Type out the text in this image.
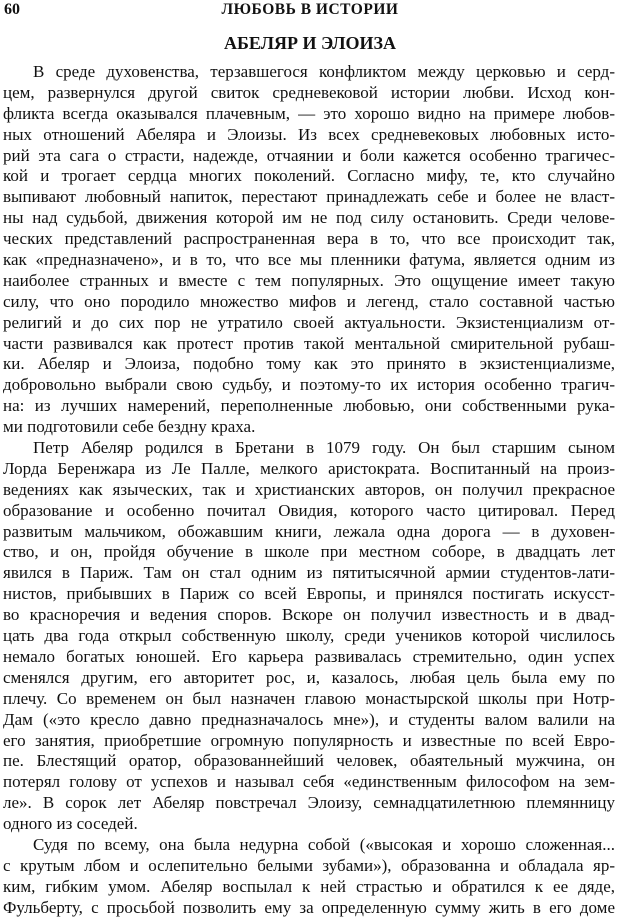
60	ЛЮБОВЬ В ИСТОРИИ
АБЕЛЯР И ЭЛОИЗА
В среде духовенства, терзавшегося конфликтом между церковью и серд-
цем, развернулся другой свиток средневековой истории любви. Исход кон-
фликта всегда оказывался плачевным, — это хорошо видно на примере любов-
ных отношений Абеляра и Элоизы. Из всех средневековых любовных исто-
рий эта сага о страсти, надежде, отчаянии и боли кажется особенно трагичес-
кой и трогает сердца многих поколений. Согласно мифу, те, кто случайно
выпивают любовный напиток, перестают принадлежать себе и более не власт-
ны над судьбой, движения которой им не под силу остановить. Среди челове-
ческих представлений распространенная вера в то, что все происходит так,
как «предназначено», и в то, что все мы пленники фатума, является одним из
наиболее странных и вместе с тем популярных. Это ощущение имеет такую
силу, что оно породило множество мифов и легенд, стало составной частью
религий и до сих пор не утратило своей актуальности. Экзистенциализм от-
части развивался как протест против такой ментальной смирительной рубаш-
ки. Абеляр и Элоиза, подобно тому как это принято в экзистенциализме,
добровольно выбрали свою судьбу, и поэтому-то их история особенно трагич-
на: из лучших намерений, переполненные любовью, они собственными рука-
ми подготовили себе бездну краха.
Петр Абеляр родился в Бретани в 1079 году. Он был старшим сыном
Лорда Беренжара из Ле Палле, мелкого аристократа. Воспитанный на произ-
ведениях как языческих, так и христианских авторов, он получил прекрасное
образование и особенно почитал Овидия, которого часто цитировал. Перед
развитым мальчиком, обожавшим книги, лежала одна дорога — в духовен-
ство, и он, пройдя обучение в школе при местном соборе, в двадцать лет
явился в Париж. Там он стал одним из пятитысячной армии студентов-лати-
нистов, прибывших в Париж со всей Европы, и принялся постигать искусст-
во красноречия и ведения споров. Вскоре он получил известность и в двад-
цать два года открыл собственную школу, среди учеников которой числилось
немало богатых юношей. Его карьера развивалась стремительно, один успех
сменялся другим, его авторитет рос, и, казалось, любая цель была ему по
плечу. Со временем он был назначен главою монастырской школы при Нотр-
Дам («это кресло давно предназначалось мне»), и студенты валом валили на
его занятия, приобретшие огромную популярность и известные по всей Евро-
пе. Блестящий оратор, образованнейший человек, обаятельный мужчина, он
потерял голову от успехов и называл себя «единственным философом на зем-
ле». В сорок лет Абеляр повстречал Элоизу, семнадцатилетнюю племянницу
одного из соседей.
Судя по всему, она была недурна собой («высокая и хорошо сложенная...
с крутым лбом и ослепительно белыми зубами»), образованна и обладала яр-
ким, гибким умом. Абеляр воспылал к ней страстью и обратился к ее дяде,
Фульберту, с просьбой позволить ему за определенную сумму жить в его доме
